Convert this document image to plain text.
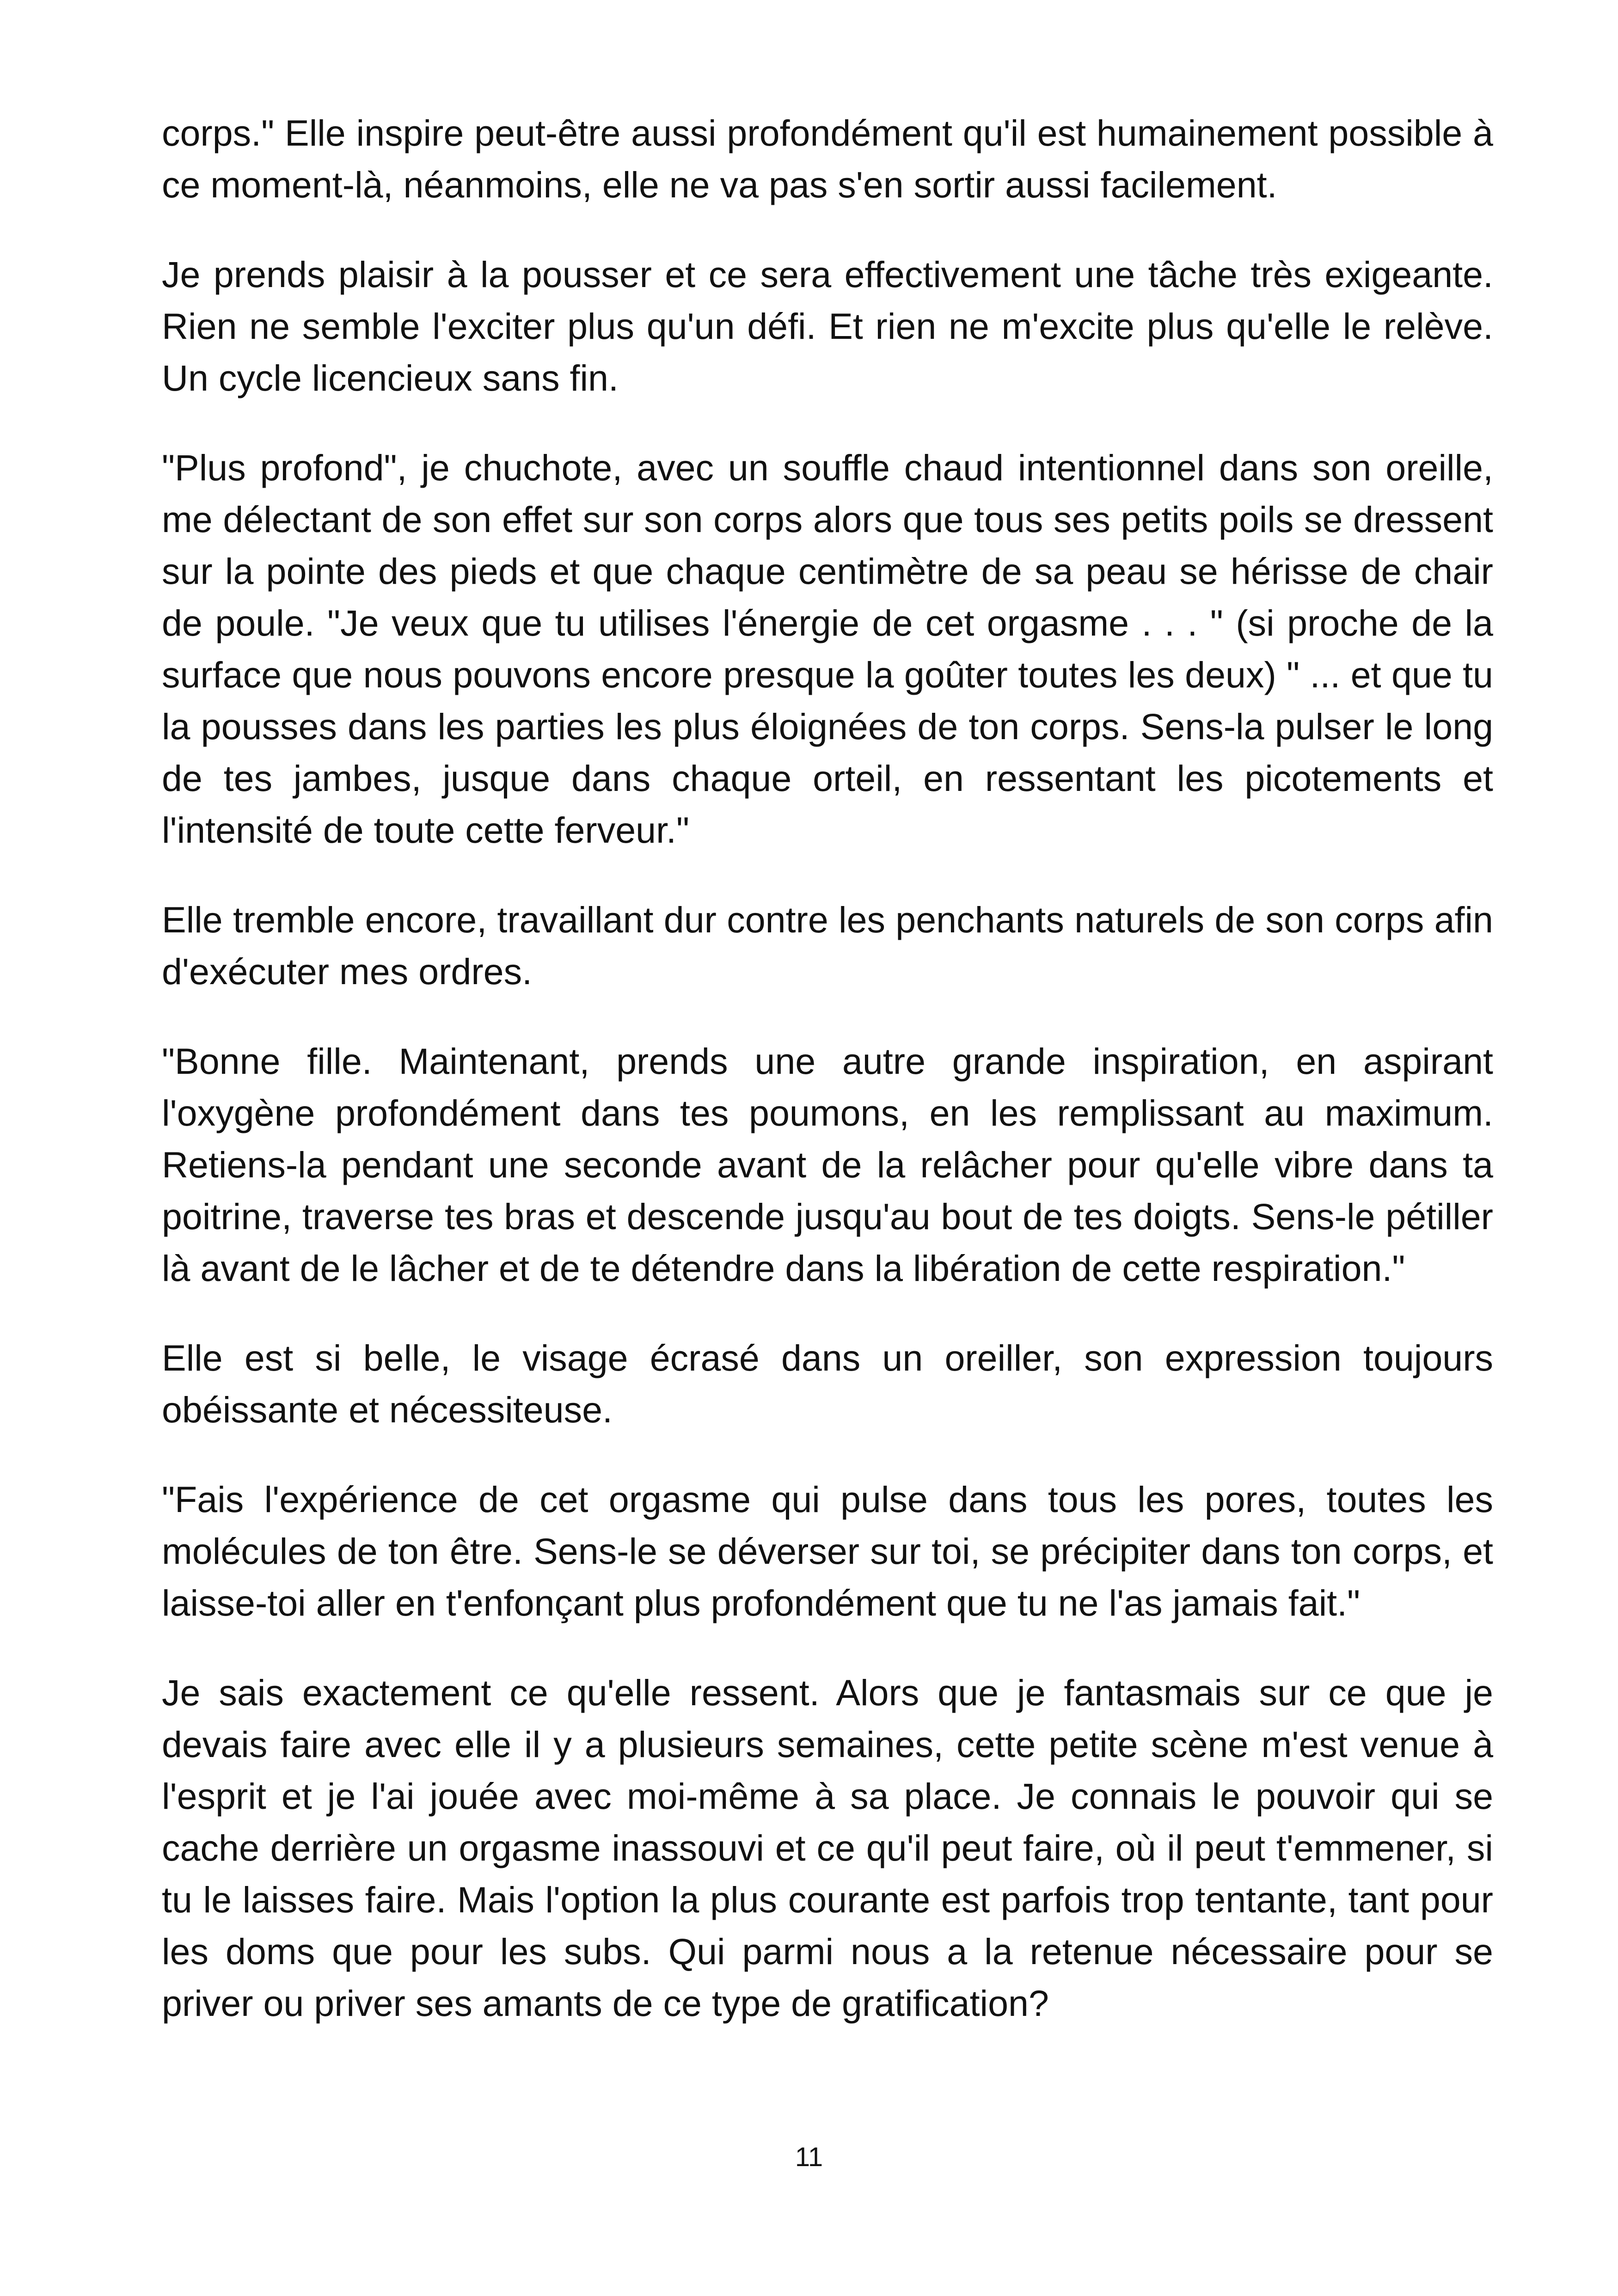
corps." Elle inspire peut-être aussi profondément qu'il est humainement possible à ce moment-là, néanmoins, elle ne va pas s'en sortir aussi facilement.

Je prends plaisir à la pousser et ce sera effectivement une tâche très exigeante. Rien ne semble l'exciter plus qu'un défi. Et rien ne m'excite plus qu'elle le relève. Un cycle licencieux sans fin.

"Plus profond", je chuchote, avec un souffle chaud intentionnel dans son oreille, me délectant de son effet sur son corps alors que tous ses petits poils se dressent sur la pointe des pieds et que chaque centimètre de sa peau se hérisse de chair de poule. "Je veux que tu utilises l'énergie de cet orgasme . . . " (si proche de la surface que nous pouvons encore presque la goûter toutes les deux) " ... et que tu la pousses dans les parties les plus éloignées de ton corps. Sens-la pulser le long de tes jambes, jusque dans chaque orteil, en ressentant les picotements et l'intensité de toute cette ferveur."

Elle tremble encore, travaillant dur contre les penchants naturels de son corps afin d'exécuter mes ordres.

"Bonne fille. Maintenant, prends une autre grande inspiration, en aspirant l'oxygène profondément dans tes poumons, en les remplissant au maximum. Retiens-la pendant une seconde avant de la relâcher pour qu'elle vibre dans ta poitrine, traverse tes bras et descende jusqu'au bout de tes doigts. Sens-le pétiller là avant de le lâcher et de te détendre dans la libération de cette respiration."

Elle est si belle, le visage écrasé dans un oreiller, son expression toujours obéissante et nécessiteuse.

"Fais l'expérience de cet orgasme qui pulse dans tous les pores, toutes les molécules de ton être. Sens-le se déverser sur toi, se précipiter dans ton corps, et laisse-toi aller en t'enfonçant plus profondément que tu ne l'as jamais fait."

Je sais exactement ce qu'elle ressent. Alors que je fantasmais sur ce que je devais faire avec elle il y a plusieurs semaines, cette petite scène m'est venue à l'esprit et je l'ai jouée avec moi-même à sa place. Je connais le pouvoir qui se cache derrière un orgasme inassouvi et ce qu'il peut faire, où il peut t'emmener, si tu le laisses faire. Mais l'option la plus courante est parfois trop tentante, tant pour les doms que pour les subs. Qui parmi nous a la retenue nécessaire pour se priver ou priver ses amants de ce type de gratification?

11
